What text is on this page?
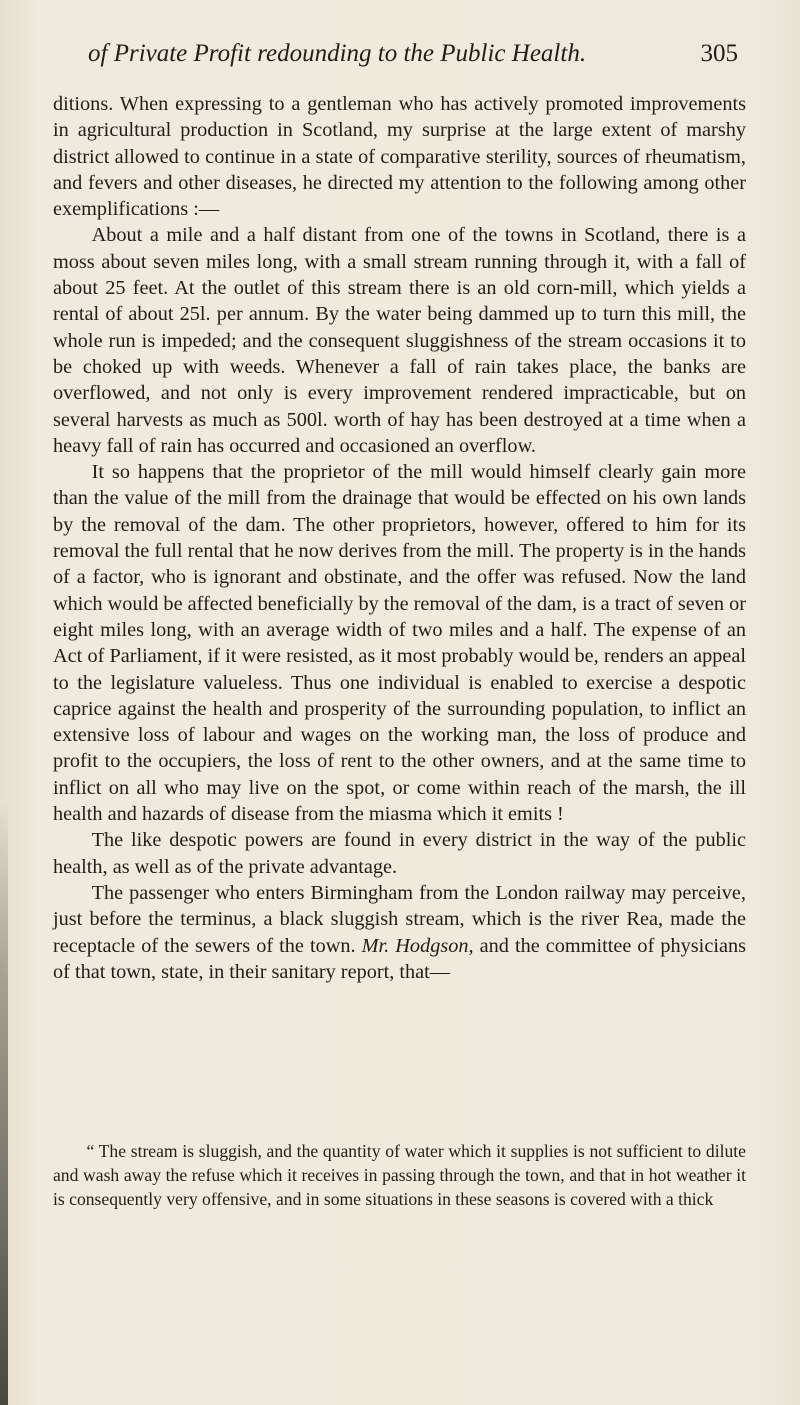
of Private Profit redounding to the Public Health.	305

ditions. When expressing to a gentleman who has actively promoted improvements in agricultural production in Scotland, my surprise at the large extent of marshy district allowed to continue in a state of comparative sterility, sources of rheumatism, and fevers and other diseases, he directed my attention to the following among other exemplifications :—

About a mile and a half distant from one of the towns in Scotland, there is a moss about seven miles long, with a small stream running through it, with a fall of about 25 feet. At the outlet of this stream there is an old corn-mill, which yields a rental of about 25l. per annum. By the water being dammed up to turn this mill, the whole run is impeded; and the consequent sluggishness of the stream occasions it to be choked up with weeds. Whenever a fall of rain takes place, the banks are overflowed, and not only is every improvement rendered impracticable, but on several harvests as much as 500l. worth of hay has been destroyed at a time when a heavy fall of rain has occurred and occasioned an overflow.

It so happens that the proprietor of the mill would himself clearly gain more than the value of the mill from the drainage that would be effected on his own lands by the removal of the dam. The other proprietors, however, offered to him for its removal the full rental that he now derives from the mill. The property is in the hands of a factor, who is ignorant and obstinate, and the offer was refused. Now the land which would be affected beneficially by the removal of the dam, is a tract of seven or eight miles long, with an average width of two miles and a half. The expense of an Act of Parliament, if it were resisted, as it most probably would be, renders an appeal to the legislature valueless. Thus one individual is enabled to exercise a despotic caprice against the health and prosperity of the surrounding population, to inflict an extensive loss of labour and wages on the working man, the loss of produce and profit to the occupiers, the loss of rent to the other owners, and at the same time to inflict on all who may live on the spot, or come within reach of the marsh, the ill health and hazards of disease from the miasma which it emits !

The like despotic powers are found in every district in the way of the public health, as well as of the private advantage.

The passenger who enters Birmingham from the London railway may perceive, just before the terminus, a black sluggish stream, which is the river Rea, made the receptacle of the sewers of the town. Mr. Hodgson, and the committee of physicians of that town, state, in their sanitary report, that—

“ The stream is sluggish, and the quantity of water which it supplies is not sufficient to dilute and wash away the refuse which it receives in passing through the town, and that in hot weather it is consequently very offensive, and in some situations in these seasons is covered with a thick
